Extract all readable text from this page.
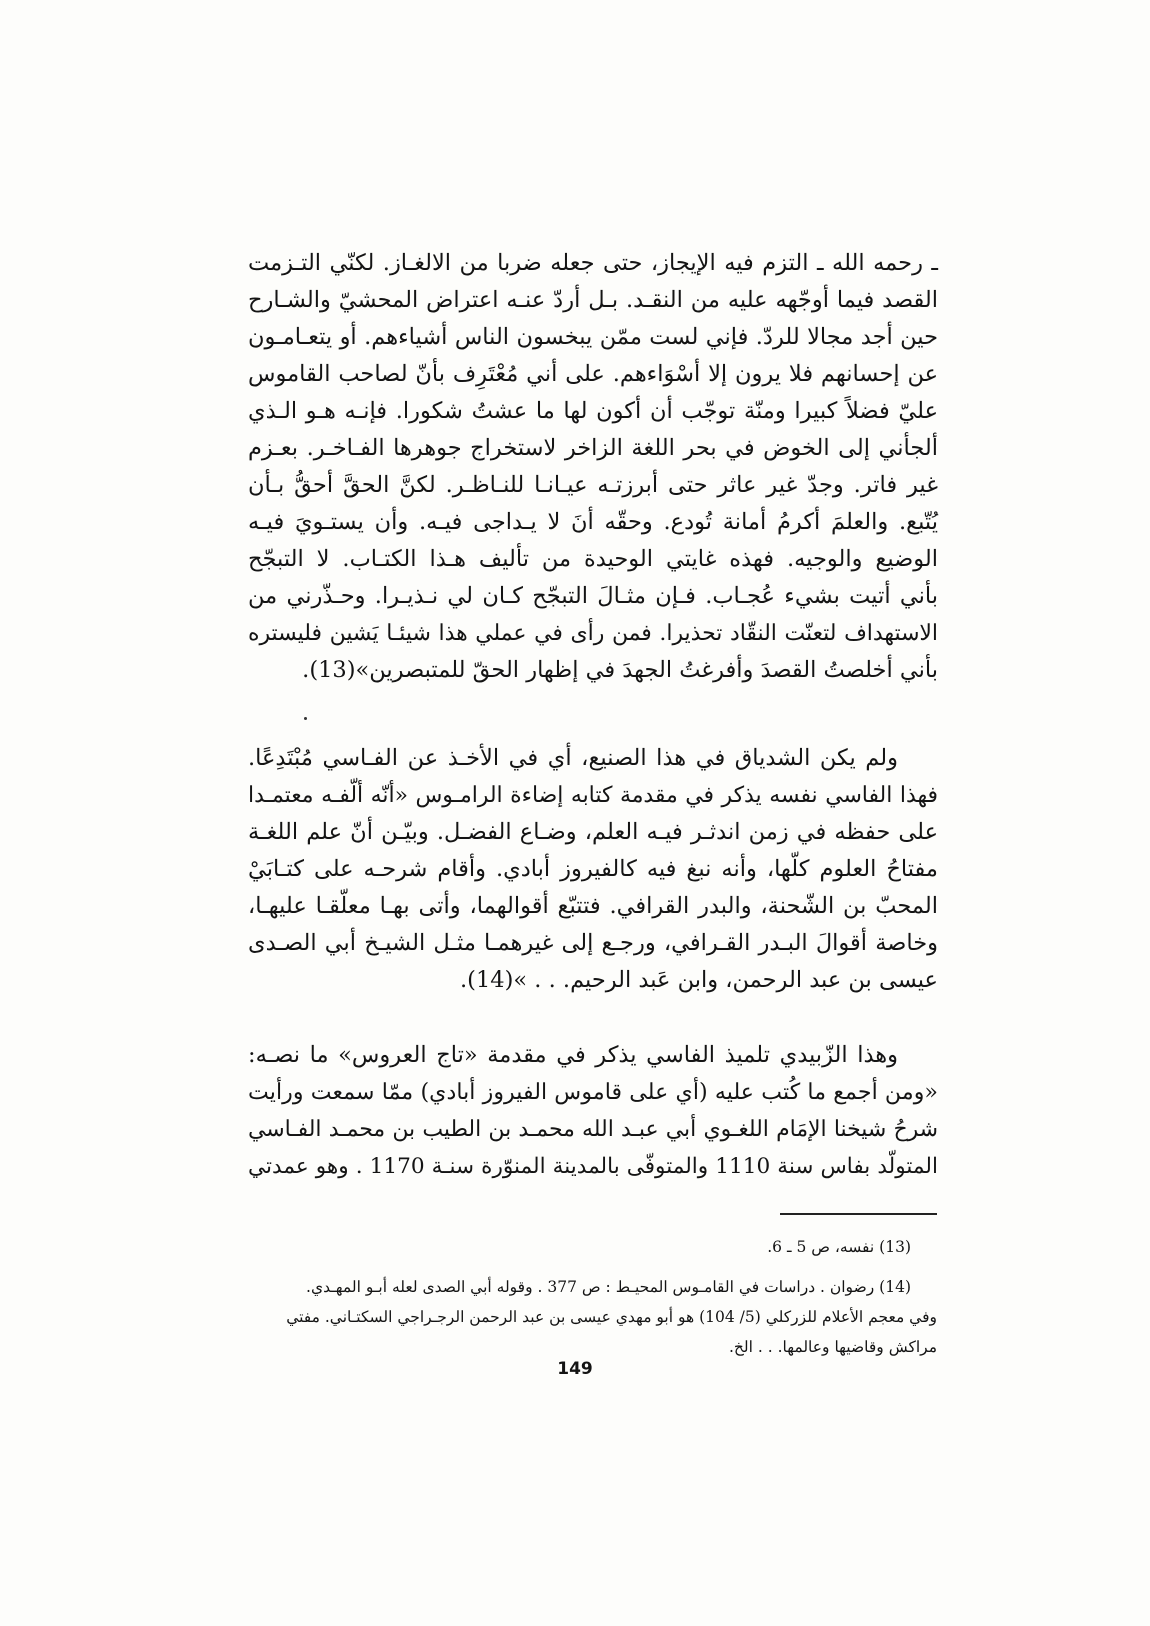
ـ رحمه الله ـ التزم فيه الإيجاز، حتى جعله ضربا من الالغـاز. لكنّي التـزمت
القصد فيما أوجّهه عليه من النقـد. بـل أردّ عنـه اعتراض المحشيّ والشـارح
حين أجد مجالا للردّ. فإني لست ممّن يبخسون الناس أشياءهم. أو يتعـامـون
عن إحسانهم فلا يرون إلا أسْوَاءهم. على أني مُعْتَرِف بأنّ لصاحب القاموس
عليّ فضلاً كبيرا ومنّة توجّب أن أكون لها ما عشتُ شكورا. فإنـه هـو الـذي
ألجأني إلى الخوض في بحر اللغة الزاخر لاستخراج جوهرها الفـاخـر. بعـزم
غير فاتر. وجدّ غير عاثر حتى أبرزتـه عيـانـا للنـاظـر. لكنَّ الحقَّ أحقُّ بـأن
يُتّبع. والعلمَ أكرمُ أمانة تُودع. وحقّه أنَ لا يـداجى فيـه. وأن يستـويَ فيـه
الوضيع والوجيه. فهذه غايتي الوحيدة من تأليف هـذا الكتـاب. لا التبجّح
بأني أتيت بشيء عُجـاب. فـإن مثـالَ التبجّح كـان لي نـذيـرا. وحـذّرني من
الاستهداف لتعنّت النقّاد تحذيرا. فمن رأى في عملي هذا شيئـا يَشين فليستره
بأني أخلصتُ القصدَ وأفرغتُ الجهدَ في إظهار الحقّ للمتبصرين»(13).
ولم يكن الشدياق في هذا الصنيع، أي في الأخـذ عن الفـاسي مُبْتَدِعًا.
فهذا الفاسي نفسه يذكر في مقدمة كتابه إضاءة الرامـوس «أنّه ألّفـه معتمـدا
على حفظه في زمن اندثـر فيـه العلم، وضـاع الفضـل. وبيّـن أنّ علم اللغـة
مفتاحُ العلوم كلّها، وأنه نبغ فيه كالفيروز أبادي. وأقام شرحـه على كتـابَيْ
المحبّ بن الشّحنة، والبدر القرافي. فتتبّع أقوالهما، وأتى بهـا معلّقـا عليهـا،
وخاصة أقوالَ البـدر القـرافي، ورجـع إلى غيرهمـا مثـل الشيـخ أبي الصـدى
عيسى بن عبد الرحمن، وابن عَبد الرحيم. . . »(14).
وهذا الزّبيدي تلميذ الفاسي يذكر في مقدمة «تاج العروس» ما نصـه:
«ومن أجمع ما كُتب عليه (أي على قاموس الفيروز أبادي) ممّا سمعت ورأيت
شرحُ شيخنا الإمَام اللغـوي أبي عبـد الله محمـد بن الطيب بن محمـد الفـاسي
المتولّد بفاس سنة 1110 والمتوفّى بالمدينة المنوّرة سنـة 1170 . وهو عمدتي
(13) نفسه، ص 5 ـ 6.
(14) رضوان . دراسات في القامـوس المحيـط : ص 377 . وقوله أبي الصدى لعله أبـو المهـدي.
وفي معجم الأعلام للزركلي (5/ 104) هو أبو مهدي عيسى بن عبد الرحمن الرجـراجي السكتـاني. مفتي
مراكش وقاضيها وعالمها. . . الخ.
149
